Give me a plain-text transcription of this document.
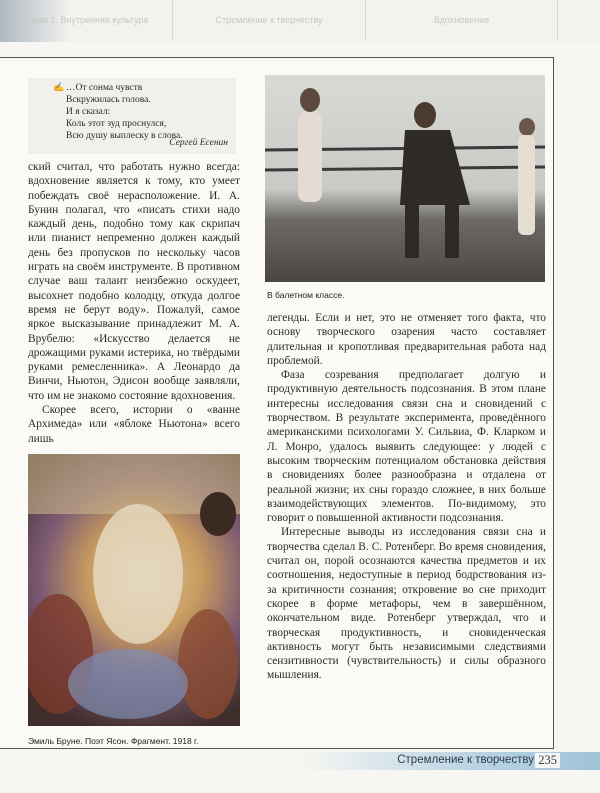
Глава 1. Внутренняя культура	Стремление к творчеству	Вдохновение
✍ …От сонма чувств
Вскружилась голова.
И я сказал:
Коль этот зуд проснулся,
Всю душу выплеску в слова.
Сергей Есенин
В балетном классе.

ский считал, что работать нужно всегда: вдохновение является к тому, кто умеет побеждать своё нерасположение. И. А. Бунин полагал, что «писать стихи надо каждый день, подобно тому как скрипач или пианист непременно должен каждый день без пропусков по нескольку часов играть на своём инструменте. В противном случае ваш талант неизбежно оскудеет, высохнет подобно колодцу, откуда долгое время не берут воду». Пожалуй, самое яркое высказывание принадлежит М. А. Врубелю: «Искусство делается не дрожащими руками истерика, но твёрдыми руками ремесленника». А Леонардо да Винчи, Ньютон, Эдисон вообще заявляли, что им не знакомо состояние вдохновения.

Скорее всего, истории о «ванне Архимеда» или «яблоке Ньютона» всего лишь

Эмиль Бруне. Поэт Ясон. Фрагмент. 1918 г.

легенды. Если и нет, это не отменяет того факта, что основу творческого озарения часто составляет длительная и кропотливая предварительная работа над проблемой.

Фаза созревания предполагает долгую и продуктивную деятельность подсознания. В этом плане интересны исследования связи сна и сновидений с творчеством. В результате эксперимента, проведённого американскими психологами У. Сильвиа, Ф. Кларком и Л. Монро, удалось выявить следующее: у людей с высоким творческим потенциалом обстановка действия в сновидениях более разнообразна и отдалена от реальной жизни; их сны гораздо сложнее, в них больше взаимодействующих элементов. По-видимому, это говорит о повышенной активности подсознания.

Интересные выводы из исследования связи сна и творчества сделал В. С. Ротенберг. Во время сновидения, считал он, порой осознаются качества предметов и их соотношения, недоступные в период бодрствования из-за критичности сознания; откровение во сне приходит скорее в форме метафоры, чем в завершённом, окончательном виде. Ротенберг утверждал, что и творческая продуктивность, и сновиденческая активность могут быть независимыми следствиями сензитивности (чувствительность) и силы образного мышления.

Стремление к творчеству 235
